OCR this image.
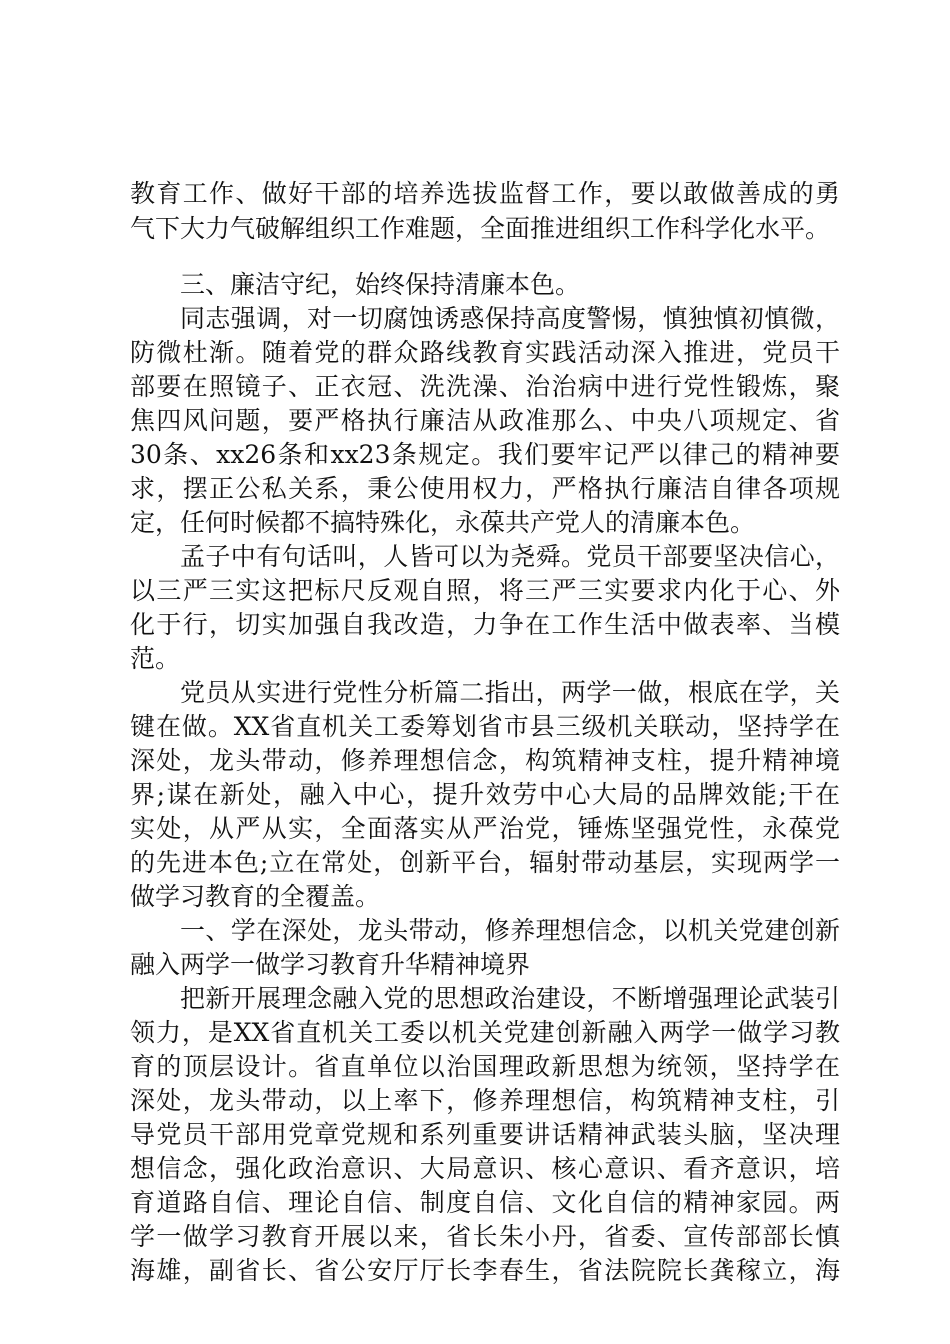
教育工作、做好干部的培养选拔监督工作，要以敢做善成的勇
气下大力气破解组织工作难题，全面推进组织工作科学化水平。
三、廉洁守纪，始终保持清廉本色。
同志强调，对一切腐蚀诱惑保持高度警惕，慎独慎初慎微，
防微杜渐。随着党的群众路线教育实践活动深入推进，党员干
部要在照镜子、正衣冠、洗洗澡、治治病中进行党性锻炼，聚
焦四风问题，要严格执行廉洁从政准那么、中央八项规定、省
30条、xx26条和xx23条规定。我们要牢记严以律己的精神要
求，摆正公私关系，秉公使用权力，严格执行廉洁自律各项规
定，任何时候都不搞特殊化，永葆共产党人的清廉本色。
孟子中有句话叫，人皆可以为尧舜。党员干部要坚决信心，
以三严三实这把标尺反观自照，将三严三实要求内化于心、外
化于行，切实加强自我改造，力争在工作生活中做表率、当模
范。
党员从实进行党性分析篇二指出，两学一做，根底在学，关
键在做。XX省直机关工委筹划省市县三级机关联动，坚持学在
深处，龙头带动，修养理想信念，构筑精神支柱，提升精神境
界;谋在新处，融入中心，提升效劳中心大局的品牌效能;干在
实处，从严从实，全面落实从严治党，锤炼坚强党性，永葆党
的先进本色;立在常处，创新平台，辐射带动基层，实现两学一
做学习教育的全覆盖。
一、学在深处，龙头带动，修养理想信念，以机关党建创新
融入两学一做学习教育升华精神境界
把新开展理念融入党的思想政治建设，不断增强理论武装引
领力，是XX省直机关工委以机关党建创新融入两学一做学习教
育的顶层设计。省直单位以治国理政新思想为统领，坚持学在
深处，龙头带动，以上率下，修养理想信，构筑精神支柱，引
导党员干部用党章党规和系列重要讲话精神武装头脑，坚决理
想信念，强化政治意识、大局意识、核心意识、看齐意识，培
育道路自信、理论自信、制度自信、文化自信的精神家园。两
学一做学习教育开展以来，省长朱小丹，省委、宣传部部长慎
海雄，副省长、省公安厅厅长李春生，省法院院长龚稼立，海
